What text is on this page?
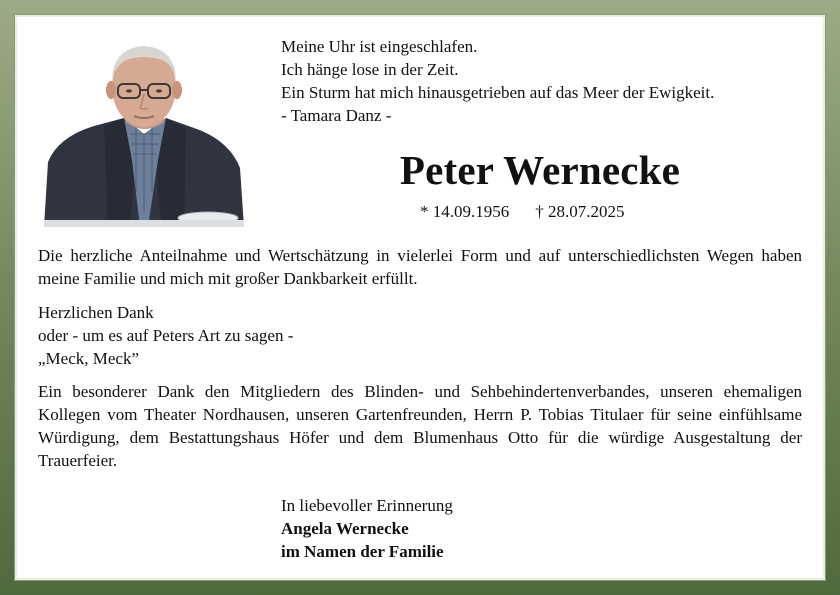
Meine Uhr ist eingeschlafen.
Ich hänge lose in der Zeit.
Ein Sturm hat mich hinausgetrieben auf das Meer der Ewigkeit.
- Tamara Danz -
Peter Wernecke
* 14.09.1956 † 28.07.2025
Die herzliche Anteilnahme und Wertschätzung in vielerlei Form und auf unterschiedlichsten Wegen haben meine Familie und mich mit großer Dankbarkeit erfüllt.
Herzlichen Dank
oder - um es auf Peters Art zu sagen -
„Meck, Meck”
Ein besonderer Dank den Mitgliedern des Blinden- und Sehbehindertenverbandes, unseren ehemaligen Kollegen vom Theater Nordhausen, unseren Gartenfreunden, Herrn P. Tobias Titulaer für seine einfühlsame Würdigung, dem Bestattungshaus Höfer und dem Blumenhaus Otto für die würdige Ausgestaltung der Trauerfeier.
In liebevoller Erinnerung
Angela Wernecke
im Namen der Familie
